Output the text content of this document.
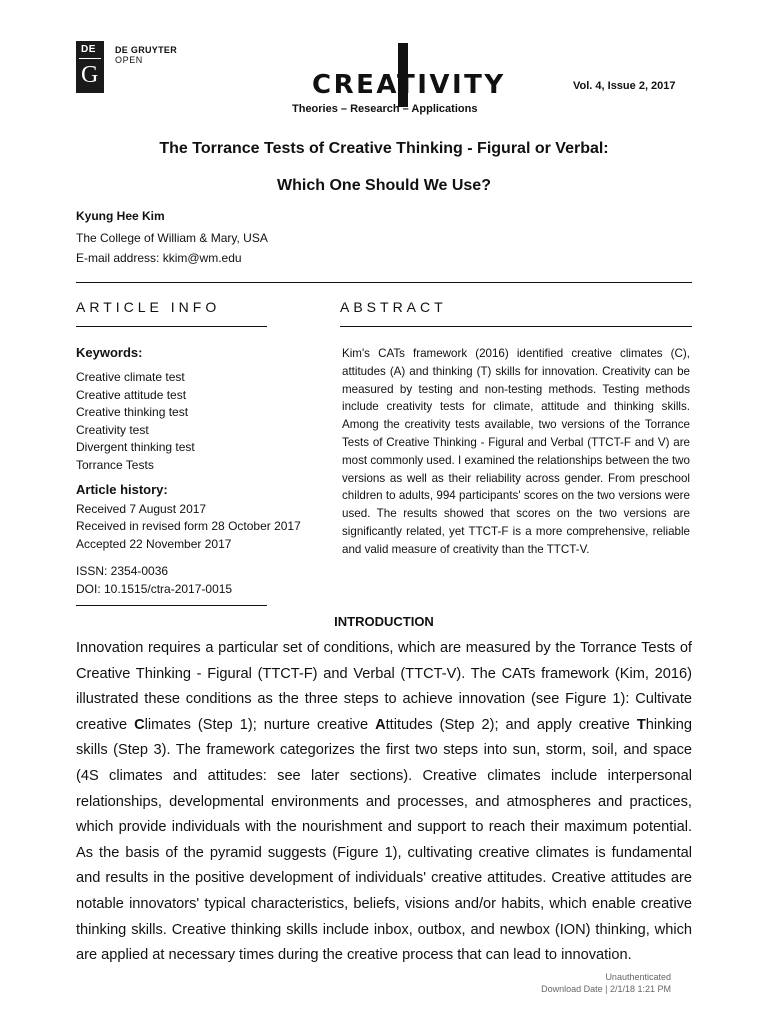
DE
G
DE GRUYTER
OPEN
CREATIVITY
Theories – Research – Applications
Vol. 4, Issue 2, 2017
The Torrance Tests of Creative Thinking - Figural or Verbal:
Which One Should We Use?
Kyung Hee Kim
The College of William & Mary, USA
E-mail address: kkim@wm.edu
ARTICLE INFO	ABSTRACT
Keywords:
Creative climate test
Creative attitude test
Creative thinking test
Creativity test
Divergent thinking test
Torrance Tests
Article history:
Received 7 August 2017
Received in revised form 28 October 2017
Accepted 22 November 2017
ISSN: 2354-0036
DOI: 10.1515/ctra-2017-0015
Kim's CATs framework (2016) identified creative climates (C), attitudes (A) and thinking (T) skills for innovation. Creativity can be measured by testing and non-testing methods. Testing methods include creativity tests for climate, attitude and thinking skills. Among the creativity tests available, two versions of the Torrance Tests of Creative Thinking - Figural and Verbal (TTCT-F and V) are most commonly used. I examined the relationships between the two versions as well as their reliability across gender. From preschool children to adults, 994 participants' scores on the two versions were used. The results showed that scores on the two versions are significantly related, yet TTCT-F is a more comprehensive, reliable and valid measure of creativity than the TTCT-V.
INTRODUCTION
Innovation requires a particular set of conditions, which are measured by the Torrance Tests of Creative Thinking - Figural (TTCT-F) and Verbal (TTCT-V). The CATs framework (Kim, 2016) illustrated these conditions as the three steps to achieve innovation (see Figure 1): Cultivate creative Climates (Step 1); nurture creative Attitudes (Step 2); and apply creative Thinking skills (Step 3). The framework categorizes the first two steps into sun, storm, soil, and space (4S climates and attitudes: see later sections). Creative climates include interpersonal relationships, developmental environments and processes, and atmospheres and practices, which provide individuals with the nourishment and support to reach their maximum potential. As the basis of the pyramid suggests (Figure 1), cultivating creative climates is fundamental and results in the positive development of individuals' creative attitudes. Creative attitudes are notable innovators' typical characteristics, beliefs, visions and/or habits, which enable creative thinking skills. Creative thinking skills include inbox, outbox, and newbox (ION) thinking, which are applied at necessary times during the creative process that can lead to innovation.
Unauthenticated
Download Date | 2/1/18 1:21 PM
